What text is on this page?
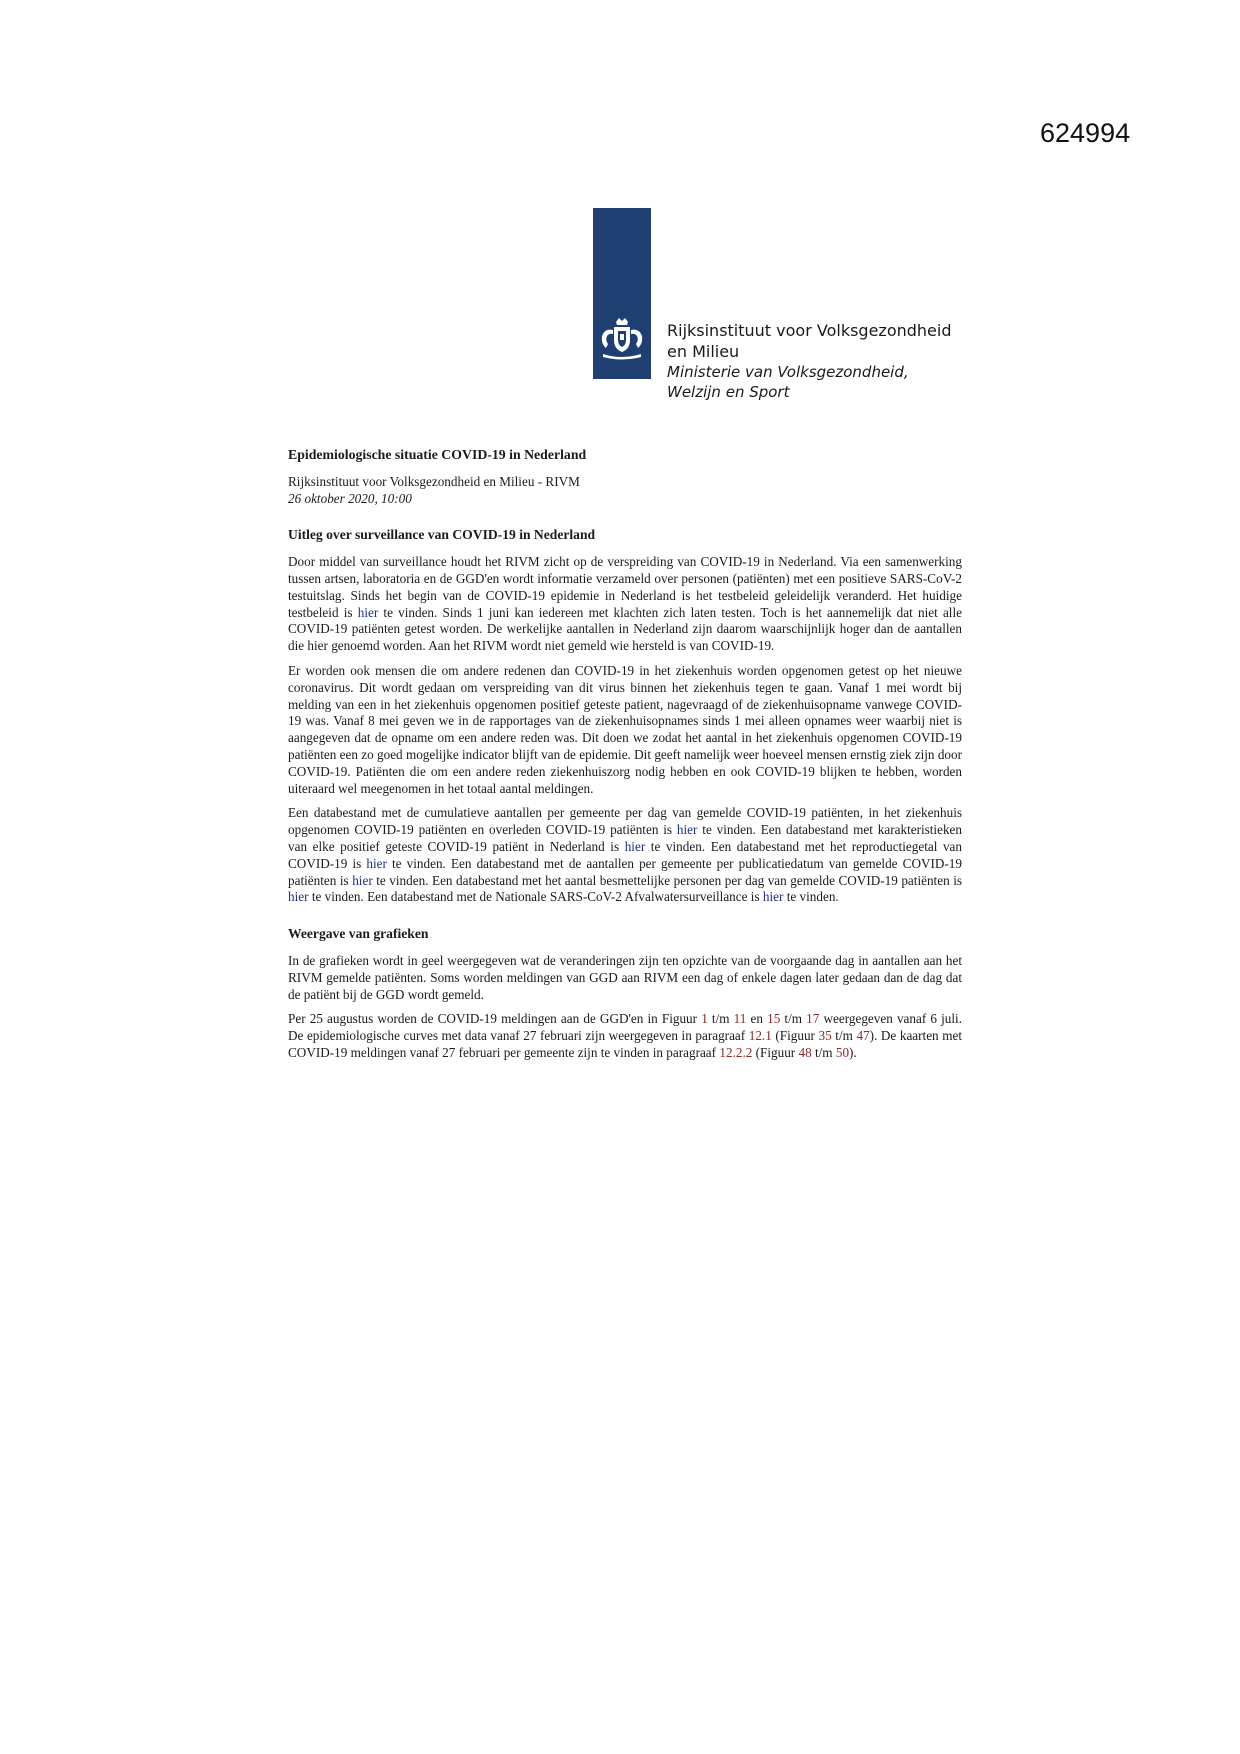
624994
Rijksinstituut voor Volksgezondheid
en Milieu
Ministerie van Volksgezondheid,
Welzijn en Sport
Epidemiologische situatie COVID-19 in Nederland
Rijksinstituut voor Volksgezondheid en Milieu - RIVM
26 oktober 2020, 10:00
Uitleg over surveillance van COVID-19 in Nederland

Door middel van surveillance houdt het RIVM zicht op de verspreiding van COVID-19 in Nederland. Via een samenwerking tussen artsen, laboratoria en de GGD'en wordt informatie verzameld over personen (patiënten) met een positieve SARS-CoV-2 testuitslag. Sinds het begin van de COVID-19 epidemie in Nederland is het testbeleid geleidelijk veranderd. Het huidige testbeleid is hier te vinden. Sinds 1 juni kan iedereen met klachten zich laten testen. Toch is het aannemelijk dat niet alle COVID-19 patiënten getest worden. De werkelijke aantallen in Nederland zijn daarom waarschijnlijk hoger dan de aantallen die hier genoemd worden. Aan het RIVM wordt niet gemeld wie hersteld is van COVID-19.

Er worden ook mensen die om andere redenen dan COVID-19 in het ziekenhuis worden opgenomen getest op het nieuwe coronavirus. Dit wordt gedaan om verspreiding van dit virus binnen het ziekenhuis tegen te gaan. Vanaf 1 mei wordt bij melding van een in het ziekenhuis opgenomen positief geteste patient, nagevraagd of de ziekenhuisopname vanwege COVID-19 was. Vanaf 8 mei geven we in de rapportages van de ziekenhuisopnames sinds 1 mei alleen opnames weer waarbij niet is aangegeven dat de opname om een andere reden was. Dit doen we zodat het aantal in het ziekenhuis opgenomen COVID-19 patiënten een zo goed mogelijke indicator blijft van de epidemie. Dit geeft namelijk weer hoeveel mensen ernstig ziek zijn door COVID-19. Patiënten die om een andere reden ziekenhuiszorg nodig hebben en ook COVID-19 blijken te hebben, worden uiteraard wel meegenomen in het totaal aantal meldingen.

Een databestand met de cumulatieve aantallen per gemeente per dag van gemelde COVID-19 patiënten, in het ziekenhuis opgenomen COVID-19 patiënten en overleden COVID-19 patiënten is hier te vinden. Een databestand met karakteristieken van elke positief geteste COVID-19 patiënt in Nederland is hier te vinden. Een databestand met het reproductiegetal van COVID-19 is hier te vinden. Een databestand met de aantallen per gemeente per publicatiedatum van gemelde COVID-19 patiënten is hier te vinden. Een databestand met het aantal besmettelijke personen per dag van gemelde COVID-19 patiënten is hier te vinden. Een databestand met de Nationale SARS-CoV-2 Afvalwatersurveillance is hier te vinden.

Weergave van grafieken

In de grafieken wordt in geel weergegeven wat de veranderingen zijn ten opzichte van de voorgaande dag in aantallen aan het RIVM gemelde patiënten. Soms worden meldingen van GGD aan RIVM een dag of enkele dagen later gedaan dan de dag dat de patiënt bij de GGD wordt gemeld.

Per 25 augustus worden de COVID-19 meldingen aan de GGD'en in Figuur 1 t/m 11 en 15 t/m 17 weergegeven vanaf 6 juli. De epidemiologische curves met data vanaf 27 februari zijn weergegeven in paragraaf 12.1 (Figuur 35 t/m 47). De kaarten met COVID-19 meldingen vanaf 27 februari per gemeente zijn te vinden in paragraaf 12.2.2 (Figuur 48 t/m 50).
